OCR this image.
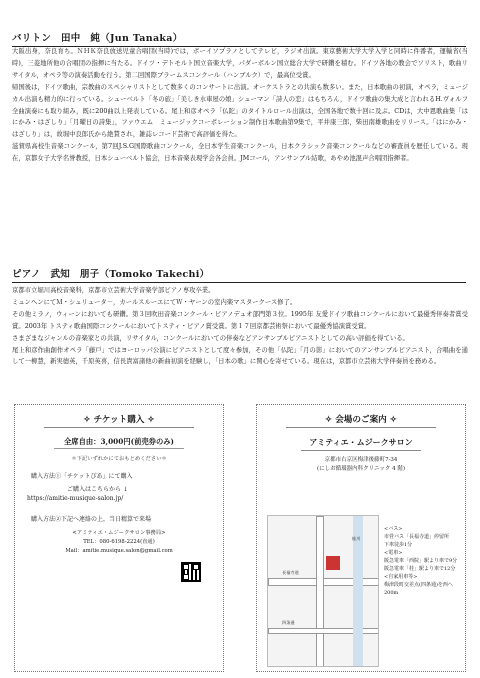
バリトン　田中　純（Jun Tanaka）

大阪出身，奈良育ち。ＮＨＫ奈良放送児童合唱団(当時)では，ボーイソプラノとしてテレビ，ラジオ出演。東京藝術大学大学入学と同時に件番者，運輸省(当時)，三菱地所他の合唱団の指揮に当たる。ドイツ・デトモルト国立音楽大学，パダーボルン国立総合大学で研鑽を積む。ドイツ各地の教会でソリスト，歌曲リサイタル，オペラ等の演奏活動を行う。第二回国際ブラームスコンクール（ハンブルク）で，最高位受賞。

帰国後は，ドイツ歌曲，宗教曲のスペシャリストとして数多くのコンサートに出演。オーケストラとの共演も数多い。また，日本歌曲の初演，オペラ，ミュージカル出演も精力的に行っている。シューベルト「冬の旅」「美しき水車屋の娘」シューマン「詩人の恋」はもちろん，ドイツ歌曲の集大成と言われるH.ヴォルフ全曲演奏にも取り組み，既に200曲以上発表している。尾上和彦オペラ「仏陀」のタイトルロール出演は，全国各地で数十回に及ぶ。CDは，大中恩歌曲集「はにかみ・はざしり」「月曜日の詩集」，ファウエム　ミュージックコーポレーション制作日本歌曲第9集で，平井康三郎，柴田南雄歌曲をリリース。「はにかみ・はざしり」は，故堀中良郎氏から絶賛され，雑誌レコード芸術で高評価を得た。

滋賀県高校生音楽コンクール，第7回J.S.G国際歌曲コンクール，全日本学生音楽コンクール，日本クラシック音楽コンクールなどの審査員を歴任している。現在，京都女子大学名誉教授，日本シューベルト協会，日本音楽表現学会各会員。JMコール，アンサンブル結歌，あやめ池混声合唱団指揮者。

ピアノ　武知　朋子（Tomoko Takechi）

京都市立堀川高校音楽科，京都市立芸術大学音楽学部ピアノ専攻卒業。

ミュンヘンにてＭ・シュリュータ－，カールスルーエにてＷ・ヤーンの室内楽マスタークース修了。

その他ミラノ，ウィーンにおいても研鑽。第３回吹田音楽コンクール・ピアノデュオ部門第３位。1995年 友愛ドイツ歌曲コンクールにおいて最優秀伴奏者賞受賞。2003年 トスティ歌曲国際コンクールにおいてトスティ・ピアノ賞受賞。第１７回京都芸術祭において最優秀協演賞受賞。

さまざまなジャンルの音楽家との共演，リサイタル，コンクールにおいての伴奏などアンサンブルピアニストとしての高い評価を得ている。

尾上和彦作曲創作オペラ「藤戸」ではヨーロッパ公演にピアニストとして度々参加，その他「仏陀」「月の影」においてのアンサンブルピアニスト，合唱曲を通して一柳慧，新実德英，千原英喜，信長貴富諸他の新曲初演を経験し，「日本の歌」に関心を寄せている。現在は，京都市立芸術大学伴奏員を務める。

✧ チケット購入 ✧
全席自由：3,000円(前売券のみ)
＊下記いずれかにておもとめください＊
購入方法①「チケットぴあ」にて購入
ご購入はこちらから ↓
https://amitie-musique-salon.jp/
購入方法②下記へ連絡の上，当日精算で来場
<アミティエ・ムジークサロン事務局>
TEL：080-6198-2224(直通)
Mail：amitie.musique.salon@gmail.com
✧ 会場のご案内 ✧
アミティエ・ムジークサロン
京都市右京区梅津後藤町7-34
(にしお循環器内科クリニック 4 階)
長福寺道
四条通
桂川
<バス>
市営バス「長福寺道」停留所
下車徒歩1分
<電車>
阪急電車「西院」駅より車で9分
阪急電車「桂」駅より車で12分
<自家用車等>
梅津段町交差点(四条通)を西へ200m
